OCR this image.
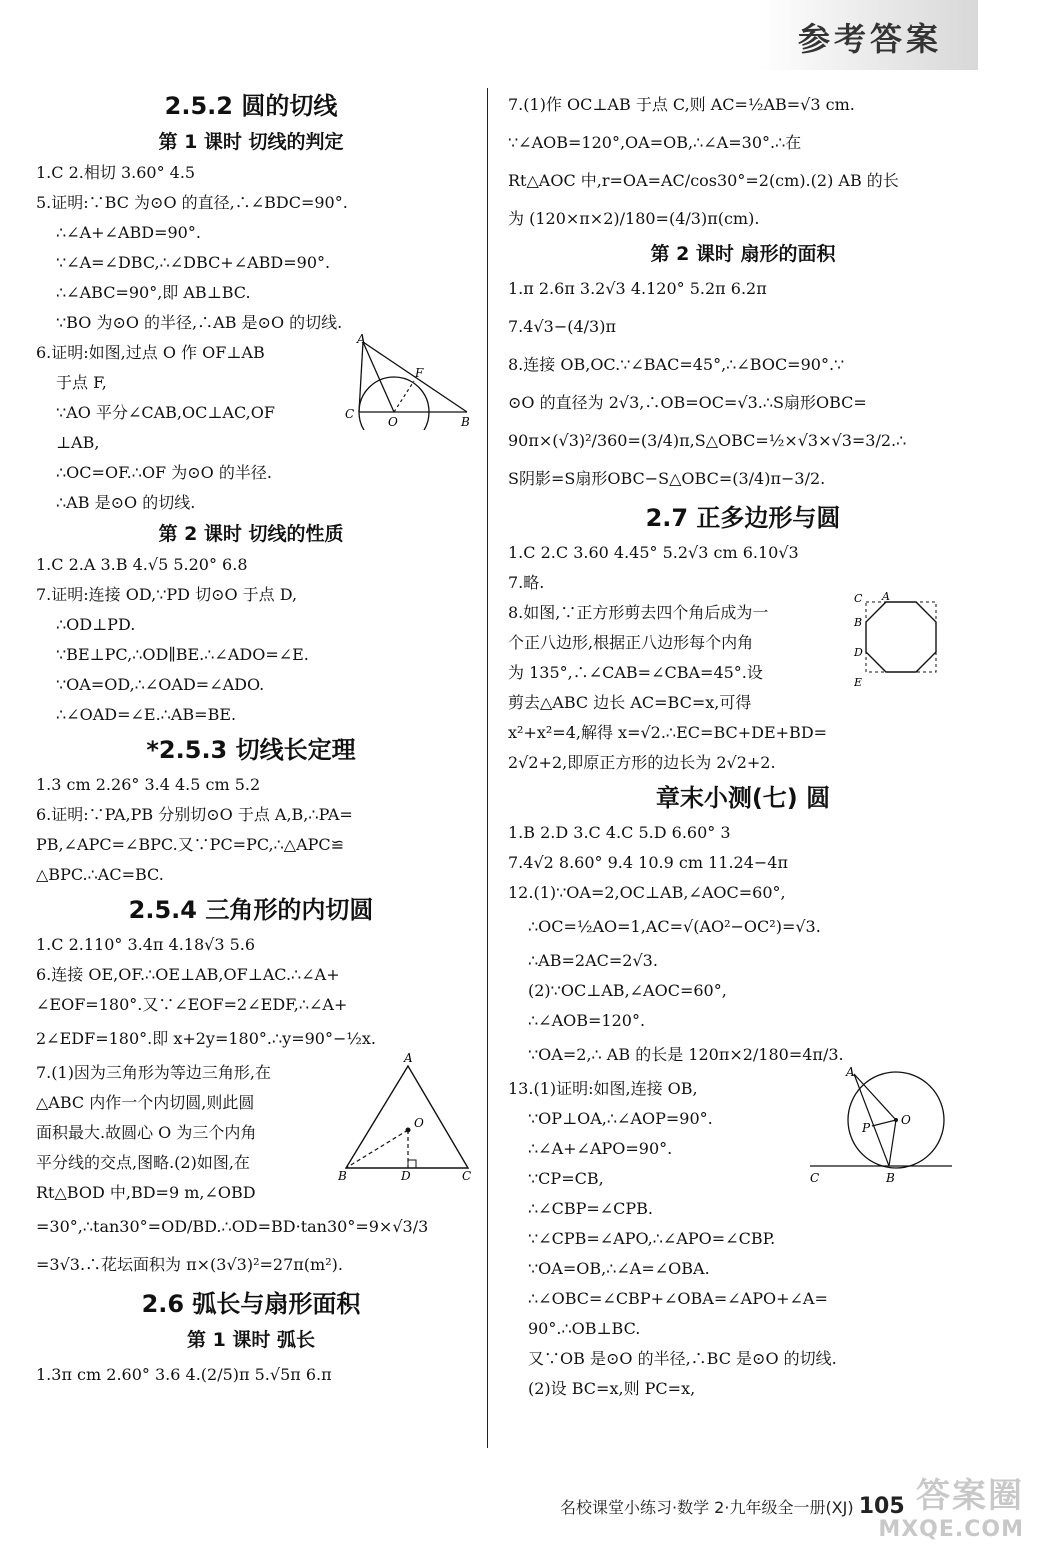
参考答案
2.5.2 圆的切线
第 1 课时 切线的判定
1.C 2.相切 3.60° 4.5
5.证明:∵BC 为⊙O 的直径,∴∠BDC=90°.
∴∠A+∠ABD=90°.
∵∠A=∠DBC,∴∠DBC+∠ABD=90°.
∴∠ABC=90°,即 AB⊥BC.
∵BO 为⊙O 的半径,∴AB 是⊙O 的切线.
6.证明:如图,过点 O 作 OF⊥AB
于点 F,
∵AO 平分∠CAB,OC⊥AC,OF
⊥AB,
∴OC=OF.∴OF 为⊙O 的半径.
∴AB 是⊙O 的切线.
A
F
C
O	B
第 2 课时 切线的性质
1.C 2.A 3.B 4.√5 5.20° 6.8
7.证明:连接 OD,∵PD 切⊙O 于点 D,
∴OD⊥PD.
∵BE⊥PC,∴OD∥BE.∴∠ADO=∠E.
∵OA=OD,∴∠OAD=∠ADO.
∴∠OAD=∠E.∴AB=BE.
*2.5.3 切线长定理
1.3 cm 2.26° 3.4 4.5 cm 5.2
6.证明:∵PA,PB 分别切⊙O 于点 A,B,∴PA=
PB,∠APC=∠BPC.又∵PC=PC,∴△APC≌
△BPC.∴AC=BC.
2.5.4 三角形的内切圆
1.C 2.110° 3.4π 4.18√3 5.6
6.连接 OE,OF.∴OE⊥AB,OF⊥AC.∴∠A+
∠EOF=180°.又∵∠EOF=2∠EDF,∴∠A+
2∠EDF=180°.即 x+2y=180°.∴y=90°−½x.
7.(1)因为三角形为等边三角形,在
△ABC 内作一个内切圆,则此圆
面积最大.故圆心 O 为三个内角
平分线的交点,图略.(2)如图,在
Rt△BOD 中,BD=9 m,∠OBD
=30°,∴tan30°=OD/BD.∴OD=BD·tan30°=9×√3/3
=3√3.∴花坛面积为 π×(3√3)²=27π(m²).
A
O
B	D	C
2.6 弧长与扇形面积
第 1 课时 弧长
1.3π cm 2.60° 3.6 4.(2/5)π 5.√5π 6.π
7.(1)作 OC⊥AB 于点 C,则 AC=½AB=√3 cm.
∵∠AOB=120°,OA=OB,∴∠A=30°.∴在
Rt△AOC 中,r=OA=AC/cos30°=2(cm).(2) AB 的长
为 (120×π×2)/180=(4/3)π(cm).
第 2 课时 扇形的面积
1.π 2.6π 3.2√3 4.120° 5.2π 6.2π
7.4√3−(4/3)π
8.连接 OB,OC.∵∠BAC=45°,∴∠BOC=90°.∵
⊙O 的直径为 2√3,∴OB=OC=√3.∴S扇形OBC=
90π×(√3)²/360=(3/4)π,S△OBC=½×√3×√3=3/2.∴
S阴影=S扇形OBC−S△OBC=(3/4)π−3/2.
2.7 正多边形与圆
1.C 2.C 3.60 4.45° 5.2√3 cm 6.10√3
7.略.
8.如图,∵正方形剪去四个角后成为一
个正八边形,根据正八边形每个内角
为 135°,∴∠CAB=∠CBA=45°.设
剪去△ABC 边长 AC=BC=x,可得
x²+x²=4,解得 x=√2.∴EC=BC+DE+BD=
2√2+2,即原正方形的边长为 2√2+2.
C A
B
D
E
章末小测(七) 圆
1.B 2.D 3.C 4.C 5.D 6.60° 3
7.4√2 8.60° 9.4 10.9 cm 11.24−4π
12.(1)∵OA=2,OC⊥AB,∠AOC=60°,
∴OC=½AO=1,AC=√(AO²−OC²)=√3.
∴AB=2AC=2√3.
(2)∵OC⊥AB,∠AOC=60°,
∴∠AOB=120°.
∵OA=2,∴ AB 的长是 120π×2/180=4π/3.
13.(1)证明:如图,连接 OB,
∵OP⊥OA,∴∠AOP=90°.
∴∠A+∠APO=90°.
∵CP=CB,
∴∠CBP=∠CPB.
∵∠CPB=∠APO,∴∠APO=∠CBP.
∵OA=OB,∴∠A=∠OBA.
∴∠OBC=∠CBP+∠OBA=∠APO+∠A=
90°.∴OB⊥BC.
又∵OB 是⊙O 的半径,∴BC 是⊙O 的切线.
(2)设 BC=x,则 PC=x,
A
P
O
C	B
名校课堂小练习·数学 2·九年级全一册(XJ) 105 答案圈
MXQE.COM
